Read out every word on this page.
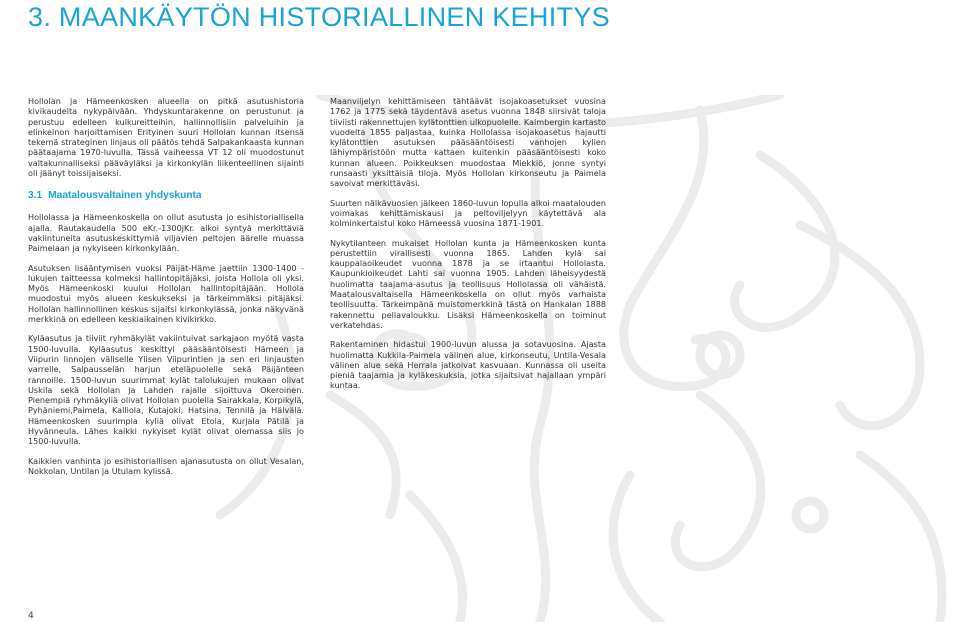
3. MAANKÄYTÖN HISTORIALLINEN KEHITYS

Hollolan ja Hämeenkosken alueella on pitkä asutushistoria kivikaudelta nykypäivään. Yhdyskuntarakenne on perustunut ja perustuu edelleen kulkureitteihin, hallinnollisiin palveluihin ja elinkeinon harjoittamisen Erityinen suuri Hollolan kunnan itsensä tekemä strateginen linjaus oli päätös tehdä Salpakankaasta kunnan päätaajama 1970-luvulla. Tässä vaiheessa VT 12 oli muodostunut valtakunnalliseksi pääväyläksi ja kirkonkylän liikenteellinen sijainti oli jäänyt toissijaiseksi.

3.1 Maatalousvaltainen yhdyskunta

Hollolassa ja Hämeenkoskella on ollut asutusta jo esihistoriallisella ajalla. Rautakaudella 500 eKr.-1300jKr. alkoi syntyä merkittäviä vakiintuneita asutuskeskittymiä viljavien peltojen äärelle muassa Paimelaan ja nykyiseen kirkonkylään.

Asutuksen lisääntymisen vuoksi Päijät-Häme jaettiin 1300-1400 -lukujen taitteessa kolmeksi hallintopitäjäksi, joista Hollola oli yksi. Myös Hämeenkoski kuului Hollolan hallintopitäjään. Hollola muodostui myös alueen keskukseksi ja tärkeimmäksi pitäjäksi. Hollolan hallinnollinen keskus sijaitsi kirkonkylässä, jonka näkyvänä merkkinä on edelleen keskiaikainen kivikirkko.

Kyläasutus ja tiiviit ryhmäkylät vakiintuivat sarkajaon myötä vasta 1500-luvulla. Kyläasutus keskittyi pääsääntöisesti Hämeen ja Viipurin linnojen väliselle Ylisen Viipurintien ja sen eri linjausten varrelle, Salpausselän harjun eteläpuolelle sekä Päijänteen rannoille. 1500-luvun suurimmat kylät talolukujen mukaan olivat Uskila sekä Hollolan ja Lahden rajalle sijoittuva Okeroinen. Pienempiä ryhmäkyliä olivat Hollolan puolella Sairakkala, Korpikylä, Pyhäniemi,Paimela, Kalliola, Kutajoki, Hatsina, Tennilä ja Hälvälä. Hämeenkosken suurimpia kyliä olivat Etola, Kurjala Pätilä ja Hyvänneula. Lähes kaikki nykyiset kylät olivat olemassa siis jo 1500-luvulla.

Kaikkien vanhinta jo esihistoriallisen ajanasutusta on ollut Vesalan, Nokkolan, Untilan ja Utulam kylissä.

Maanviljelyn kehittämiseen tähtäävät isojakoasetukset vuosina 1762 ja 1775 sekä täydentävä asetus vuonna 1848 siirsivät taloja tiiviisti rakennettujen kylätonttien ulkopuolelle. Kalmbergin kartasto vuodelta 1855 paljastaa, kuinka Hollolassa isojakoasetus hajautti kylätonttien asutuksen pääsääntöisesti vanhojen kylien lähiympäristöön mutta kattaen kuitenkin pääsääntöisesti koko kunnan alueen. Poikkeuksen muodostaa Miekkiö, jonne syntyi runsaasti yksittäisiä tiloja. Myös Hollolan kirkonseutu ja Paimela savoivat merkittäväsi.

Suurten nälkävuosien jälkeen 1860-luvun lopulla alkoi maatalouden voimakas kehittämiskausi ja peltoviljelyyn käytettävä ala kolminkertaistui koko Hämeessä vuosina 1871-1901.

Nykytilanteen mukaiset Hollolan kunta ja Hämeenkosken kunta perustettiin virallisesti vuonna 1865. Lahden kylä sai kauppalaoikeudet vuonna 1878 ja se irtaantui Hollolasta. Kaupunkioikeudet Lahti sai vuonna 1905. Lahden läheisyydestä huolimatta taajama-asutus ja teollisuus Hollolassa oli vähäistä. Maatalousvaltaisella Hämeenkoskella on ollut myös varhaista teollisuutta. Tärkeimpänä muistomerkkinä tästä on Hankalan 1888 rakennettu pellavaloukku. Lisäksi Hämeenkoskella on toiminut verkatehdas.

Rakentaminen hidastui 1900-luvun alussa ja sotavuosina. Ajasta huolimatta Kukkila-Paimela välinen alue, kirkonseutu, Untila-Vesala välinen alue sekä Herrala jatkoivat kasvuaan. Kunnassa oli useita pieniä taajamia ja kyläkeskuksia, jotka sijaitsivat hajallaan ympäri kuntaa.

4
